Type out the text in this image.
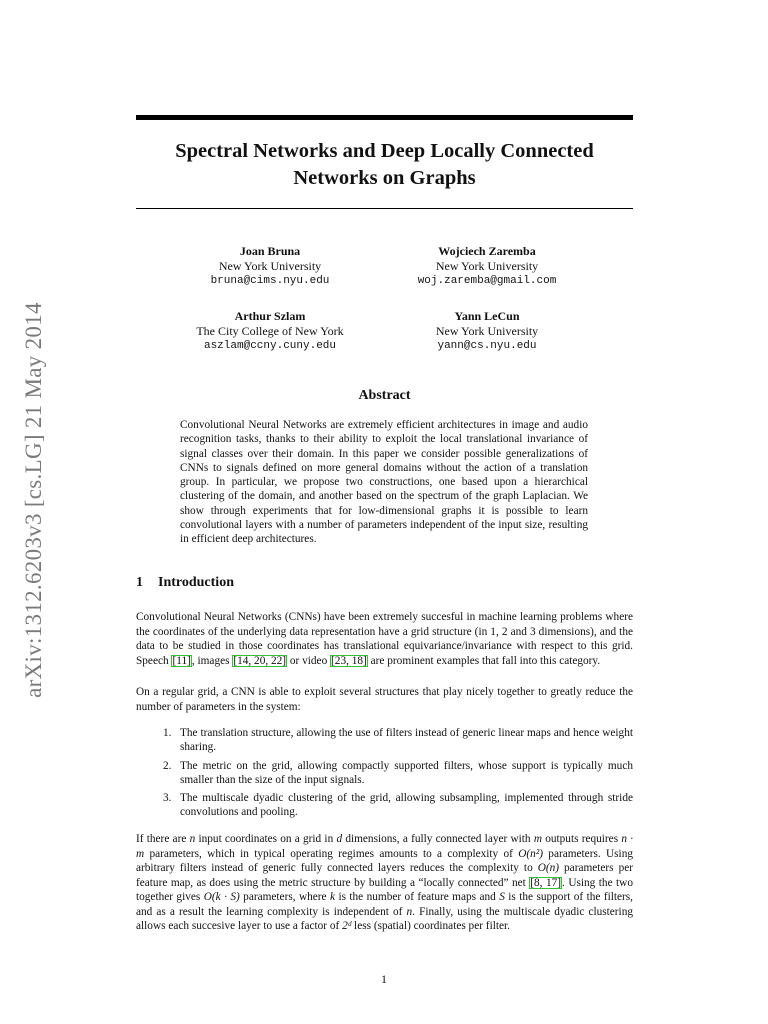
arXiv:1312.6203v3 [cs.LG] 21 May 2014
Spectral Networks and Deep Locally Connected
Networks on Graphs
Joan Bruna
New York University
bruna@cims.nyu.edu
Wojciech Zaremba
New York University
woj.zaremba@gmail.com
Arthur Szlam
The City College of New York
aszlam@ccny.cuny.edu
Yann LeCun
New York University
yann@cs.nyu.edu
Abstract
Convolutional Neural Networks are extremely efficient architectures in image and audio recognition tasks, thanks to their ability to exploit the local translational invariance of signal classes over their domain. In this paper we consider possible generalizations of CNNs to signals defined on more general domains without the action of a translation group. In particular, we propose two constructions, one based upon a hierarchical clustering of the domain, and another based on the spectrum of the graph Laplacian. We show through experiments that for low-dimensional graphs it is possible to learn convolutional layers with a number of parameters independent of the input size, resulting in efficient deep architectures.
1 Introduction
Convolutional Neural Networks (CNNs) have been extremely succesful in machine learning problems where the coordinates of the underlying data representation have a grid structure (in 1, 2 and 3 dimensions), and the data to be studied in those coordinates has translational equivariance/invariance with respect to this grid. Speech [11], images [14, 20, 22] or video [23, 18] are prominent examples that fall into this category.
On a regular grid, a CNN is able to exploit several structures that play nicely together to greatly reduce the number of parameters in the system:
1. The translation structure, allowing the use of filters instead of generic linear maps and hence weight sharing.
2. The metric on the grid, allowing compactly supported filters, whose support is typically much smaller than the size of the input signals.
3. The multiscale dyadic clustering of the grid, allowing subsampling, implemented through stride convolutions and pooling.
If there are n input coordinates on a grid in d dimensions, a fully connected layer with m outputs requires n · m parameters, which in typical operating regimes amounts to a complexity of O(n²) parameters. Using arbitrary filters instead of generic fully connected layers reduces the complexity to O(n) parameters per feature map, as does using the metric structure by building a “locally connected” net [8, 17]. Using the two together gives O(k · S) parameters, where k is the number of feature maps and S is the support of the filters, and as a result the learning complexity is independent of n. Finally, using the multiscale dyadic clustering allows each succesive layer to use a factor of 2ᵈ less (spatial) coordinates per filter.
1
